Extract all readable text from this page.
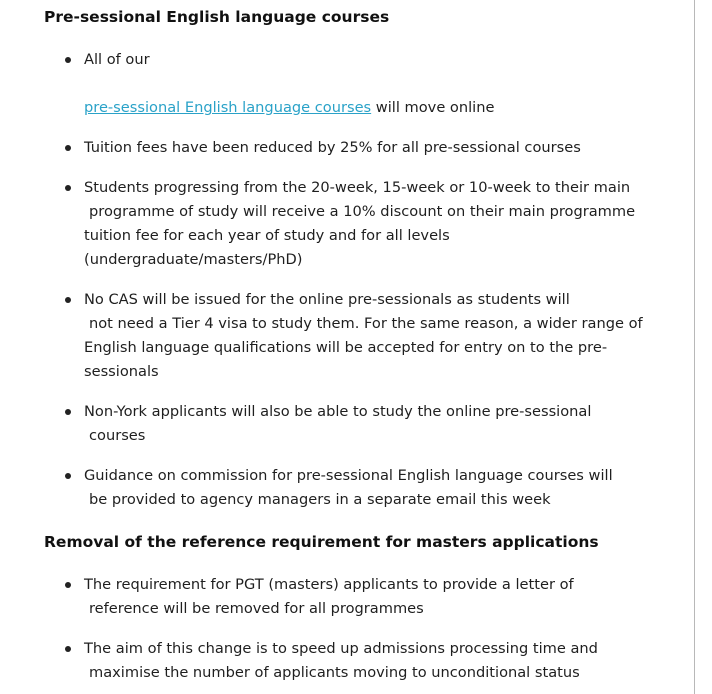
Pre-sessional English language courses
All of our
pre-sessional English language courses will move online
Tuition fees have been reduced by 25% for all pre-sessional courses
Students progressing from the 20-week, 15-week or 10-week to their main
programme of study will receive a 10% discount on their main programme
tuition fee for each year of study and for all levels
(undergraduate/masters/PhD)
No CAS will be issued for the online pre-sessionals as students will
not need a Tier 4 visa to study them. For the same reason, a wider range of
English language qualifications will be accepted for entry on to the pre-
sessionals
Non-York applicants will also be able to study the online pre-sessional
courses
Guidance on commission for pre-sessional English language courses will
be provided to agency managers in a separate email this week
Removal of the reference requirement for masters applications
The requirement for PGT (masters) applicants to provide a letter of
reference will be removed for all programmes
The aim of this change is to speed up admissions processing time and
maximise the number of applicants moving to unconditional status
